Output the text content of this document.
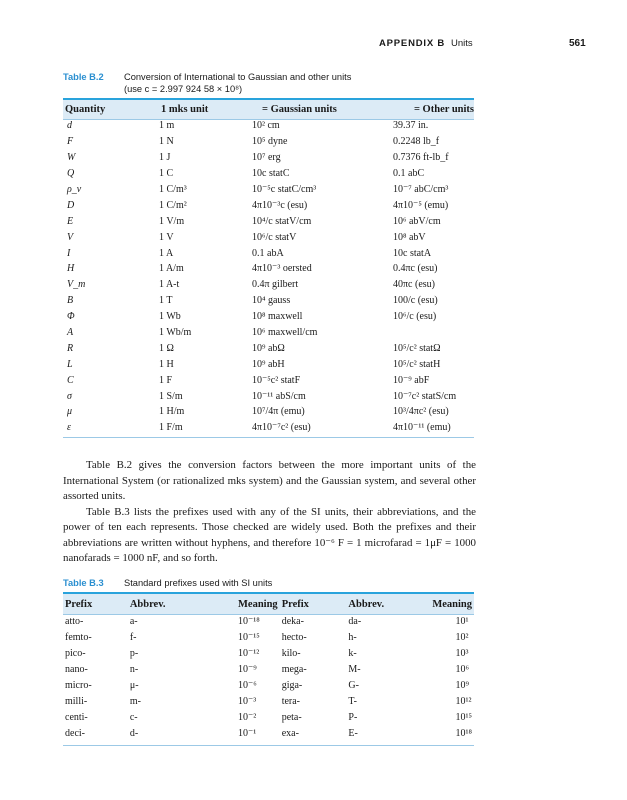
APPENDIX B Units	561
Table B.2 Conversion of International to Gaussian and other units
(use c = 2.997 924 58 × 10⁸)
Quantity	1 mks unit	= Gaussian units	= Other units
d	1 m	10² cm	39.37 in.
F	1 N	10⁵ dyne	0.2248 lb_f
W	1 J	10⁷ erg	0.7376 ft-lb_f
Q	1 C	10c statC	0.1 abC
ρ_v	1 C/m³	10⁻⁵c statC/cm³	10⁻⁷ abC/cm³
D	1 C/m²	4π10⁻³c (esu)	4π10⁻⁵ (emu)
E	1 V/m	10⁴/c statV/cm	10⁶ abV/cm
V	1 V	10⁶/c statV	10⁸ abV
I	1 A	0.1 abA	10c statA
H	1 A/m	4π10⁻³ oersted	0.4πc (esu)
V_m	1 A-t	0.4π gilbert	40πc (esu)
B	1 T	10⁴ gauss	100/c (esu)
Φ	1 Wb	10⁸ maxwell	10⁶/c (esu)
A	1 Wb/m	10⁶ maxwell/cm	
R	1 Ω	10⁹ abΩ	10⁵/c² statΩ
L	1 H	10⁹ abH	10⁵/c² statH
C	1 F	10⁻⁵c² statF	10⁻⁹ abF
σ	1 S/m	10⁻¹¹ abS/cm	10⁻⁷c² statS/cm
μ	1 H/m	10⁷/4π (emu)	10³/4πc² (esu)
ε	1 F/m	4π10⁻⁷c² (esu)	4π10⁻¹¹ (emu)

Table B.2 gives the conversion factors between the more important units of the International System (or rationalized mks system) and the Gaussian system, and several other assorted units.

Table B.3 lists the prefixes used with any of the SI units, their abbreviations, and the power of ten each represents. Those checked are widely used. Both the prefixes and their abbreviations are written without hyphens, and therefore 10⁻⁶ F = 1 microfarad = 1μF = 1000 nanofarads = 1000 nF, and so forth.

Table B.3 Standard prefixes used with SI units
Prefix	Abbrev.	Meaning	Prefix	Abbrev.	Meaning
atto-	a-	10⁻¹⁸	deka-	da-	10¹
femto-	f-	10⁻¹⁵	hecto-	h-	10²
pico-	p-	10⁻¹²	kilo-	k-	10³
nano-	n-	10⁻⁹	mega-	M-	10⁶
micro-	μ-	10⁻⁶	giga-	G-	10⁹
milli-	m-	10⁻³	tera-	T-	10¹²
centi-	c-	10⁻²	peta-	P-	10¹⁵
deci-	d-	10⁻¹	exa-	E-	10¹⁸
